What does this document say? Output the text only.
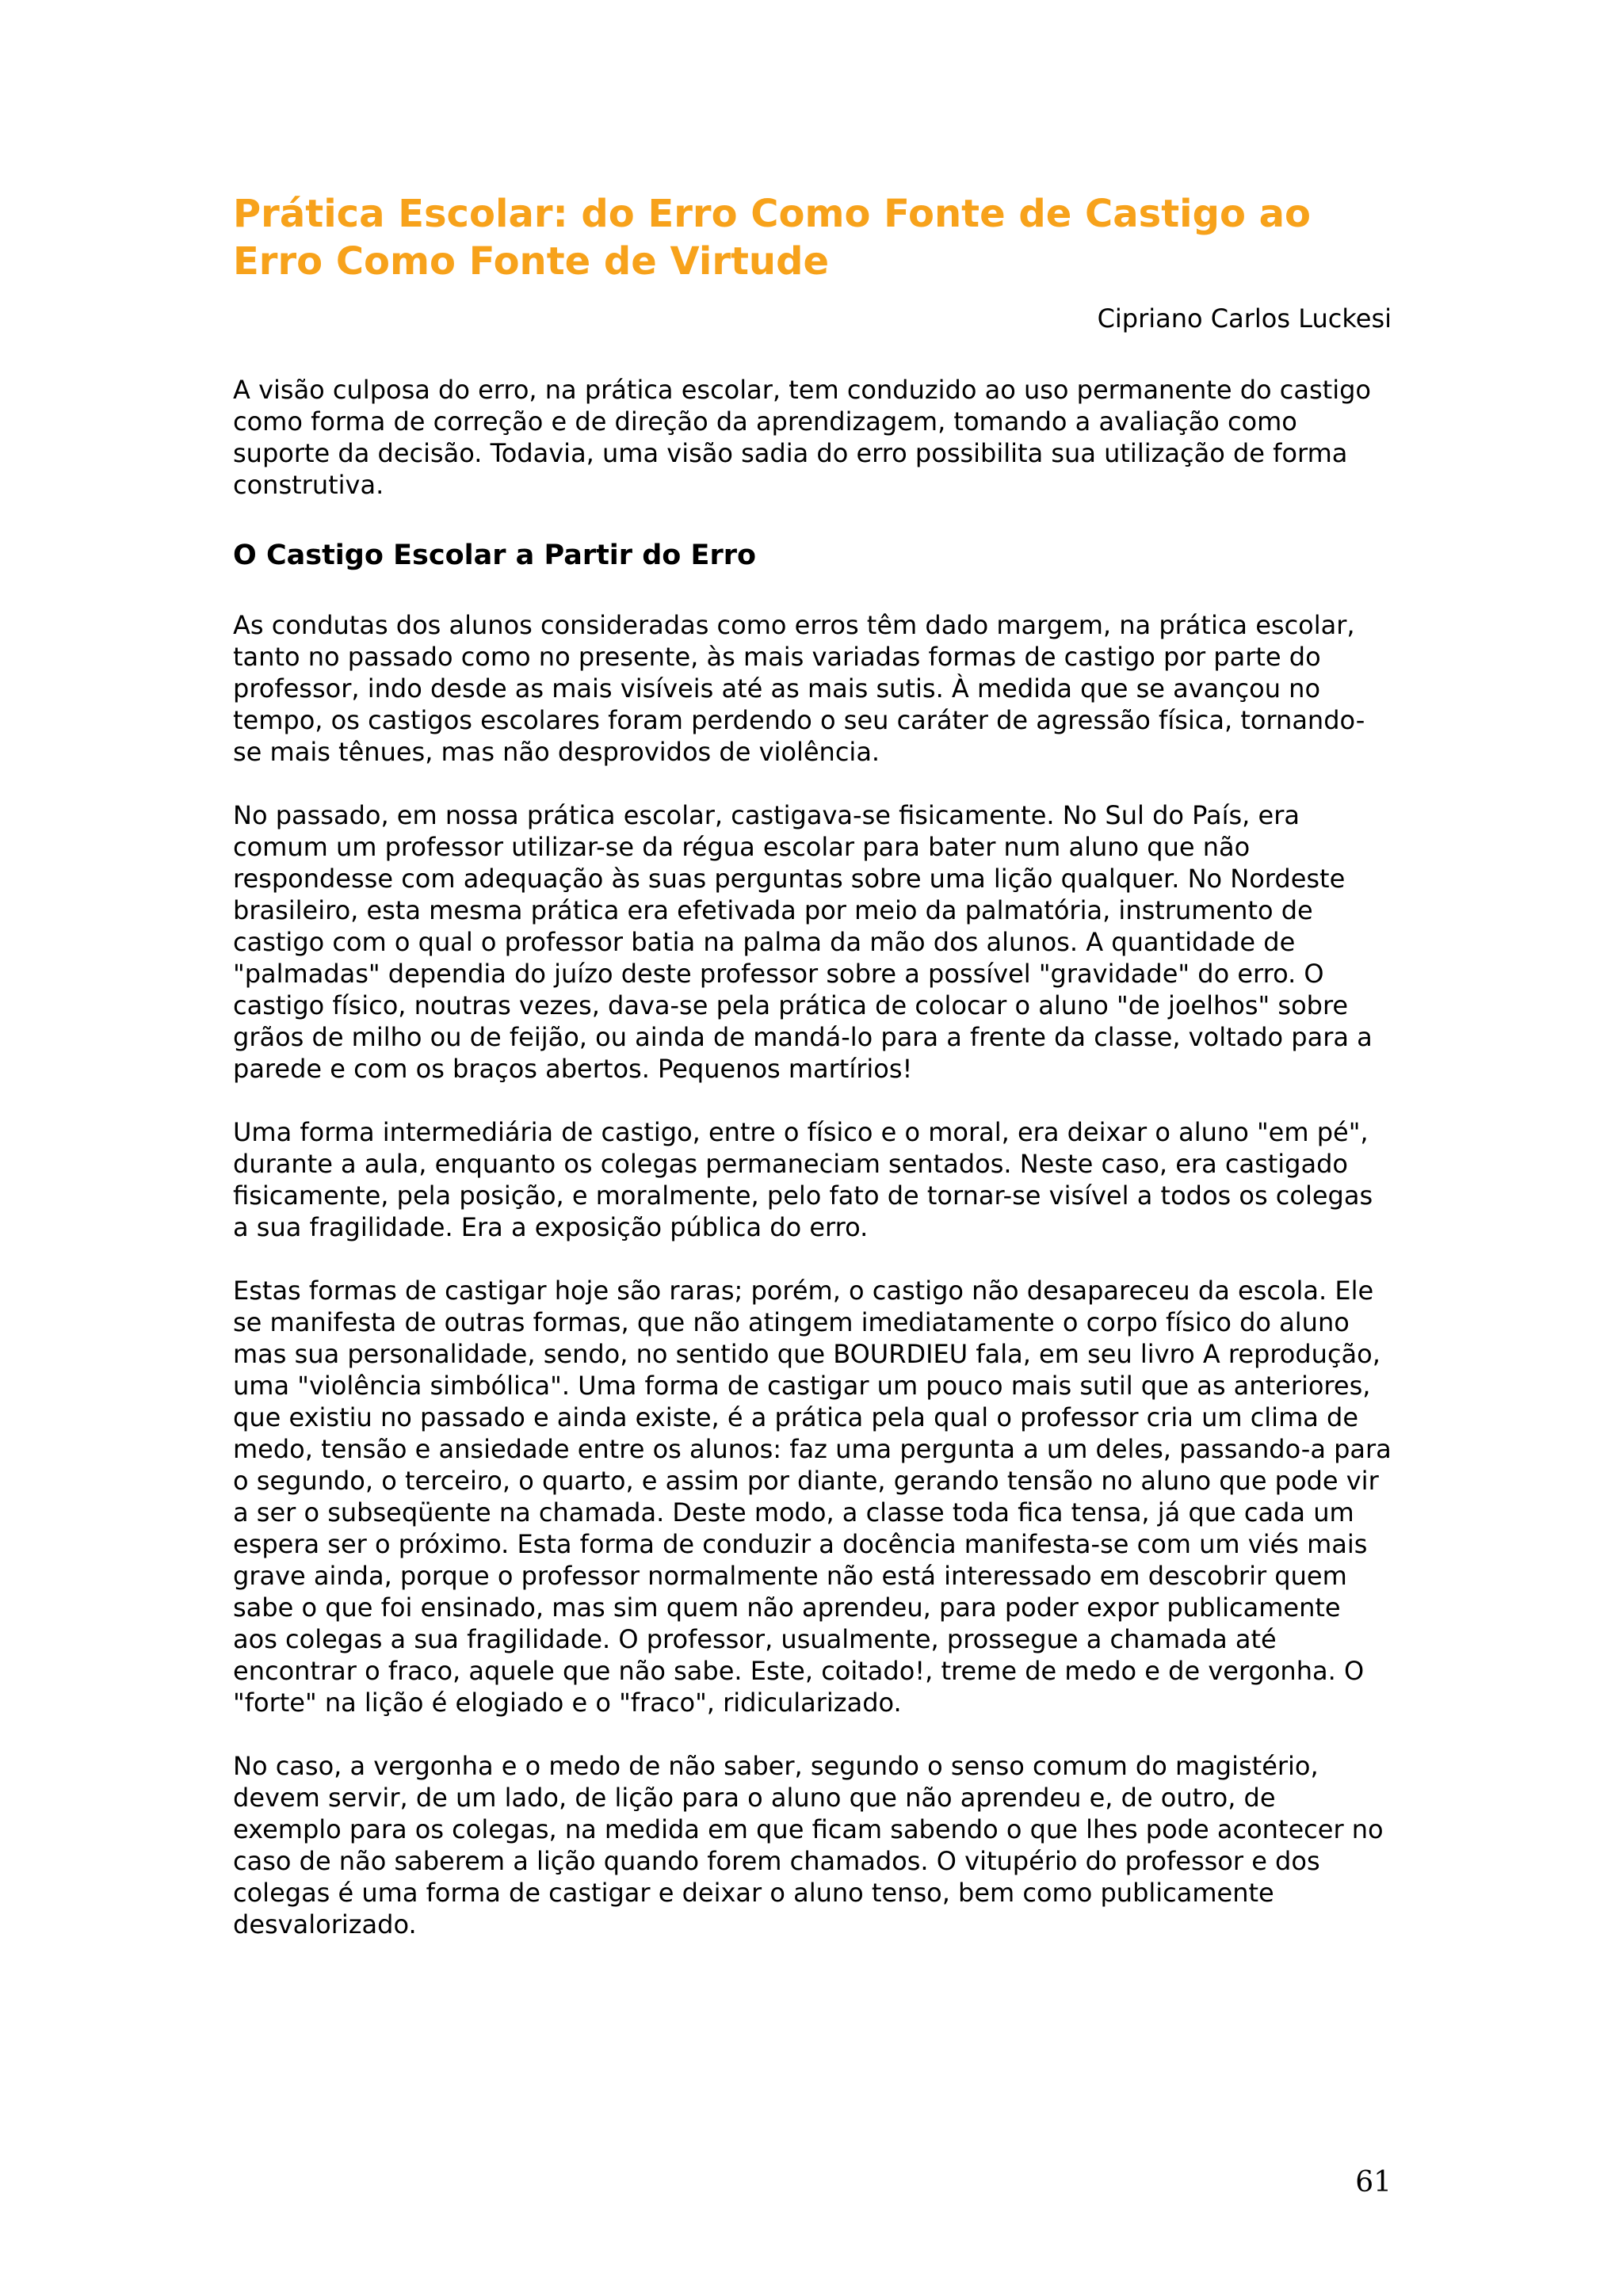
Prática Escolar: do Erro Como Fonte de Castigo ao
Erro Como Fonte de Virtude

Cipriano Carlos Luckesi

A visão culposa do erro, na prática escolar, tem conduzido ao uso permanente do castigo como forma de correção e de direção da aprendizagem, tomando a avaliação como suporte da decisão. Todavia, uma visão sadia do erro possibilita sua utilização de forma construtiva.

O Castigo Escolar a Partir do Erro

As condutas dos alunos consideradas como erros têm dado margem, na prática escolar, tanto no passado como no presente, às mais variadas formas de castigo por parte do professor, indo desde as mais visíveis até as mais sutis. À medida que se avançou no tempo, os castigos escolares foram perdendo o seu caráter de agressão física, tornando-se mais tênues, mas não desprovidos de violência.

No passado, em nossa prática escolar, castigava-se fisicamente. No Sul do País, era comum um professor utilizar-se da régua escolar para bater num aluno que não respondesse com adequação às suas perguntas sobre uma lição qualquer. No Nordeste brasileiro, esta mesma prática era efetivada por meio da palmatória, instrumento de castigo com o qual o professor batia na palma da mão dos alunos. A quantidade de "palmadas" dependia do juízo deste professor sobre a possível "gravidade" do erro. O castigo físico, noutras vezes, dava-se pela prática de colocar o aluno "de joelhos" sobre grãos de milho ou de feijão, ou ainda de mandá-lo para a frente da classe, voltado para a parede e com os braços abertos. Pequenos martírios!

Uma forma intermediária de castigo, entre o físico e o moral, era deixar o aluno "em pé", durante a aula, enquanto os colegas permaneciam sentados. Neste caso, era castigado fisicamente, pela posição, e moralmente, pelo fato de tornar-se visível a todos os colegas a sua fragilidade. Era a exposição pública do erro.

Estas formas de castigar hoje são raras; porém, o castigo não desapareceu da escola. Ele se manifesta de outras formas, que não atingem imediatamente o corpo físico do aluno mas sua personalidade, sendo, no sentido que BOURDIEU fala, em seu livro A reprodução, uma "violência simbólica". Uma forma de castigar um pouco mais sutil que as anteriores, que existiu no passado e ainda existe, é a prática pela qual o professor cria um clima de medo, tensão e ansiedade entre os alunos: faz uma pergunta a um deles, passando-a para o segundo, o terceiro, o quarto, e assim por diante, gerando tensão no aluno que pode vir a ser o subseqüente na chamada. Deste modo, a classe toda fica tensa, já que cada um espera ser o próximo. Esta forma de conduzir a docência manifesta-se com um viés mais grave ainda, porque o professor normalmente não está interessado em descobrir quem sabe o que foi ensinado, mas sim quem não aprendeu, para poder expor publicamente aos colegas a sua fragilidade. O professor, usualmente, prossegue a chamada até encontrar o fraco, aquele que não sabe. Este, coitado!, treme de medo e de vergonha. O "forte" na lição é elogiado e o "fraco", ridicularizado.

No caso, a vergonha e o medo de não saber, segundo o senso comum do magistério, devem servir, de um lado, de lição para o aluno que não aprendeu e, de outro, de exemplo para os colegas, na medida em que ficam sabendo o que lhes pode acontecer no caso de não saberem a lição quando forem chamados. O vitupério do professor e dos colegas é uma forma de castigar e deixar o aluno tenso, bem como publicamente desvalorizado.

61
